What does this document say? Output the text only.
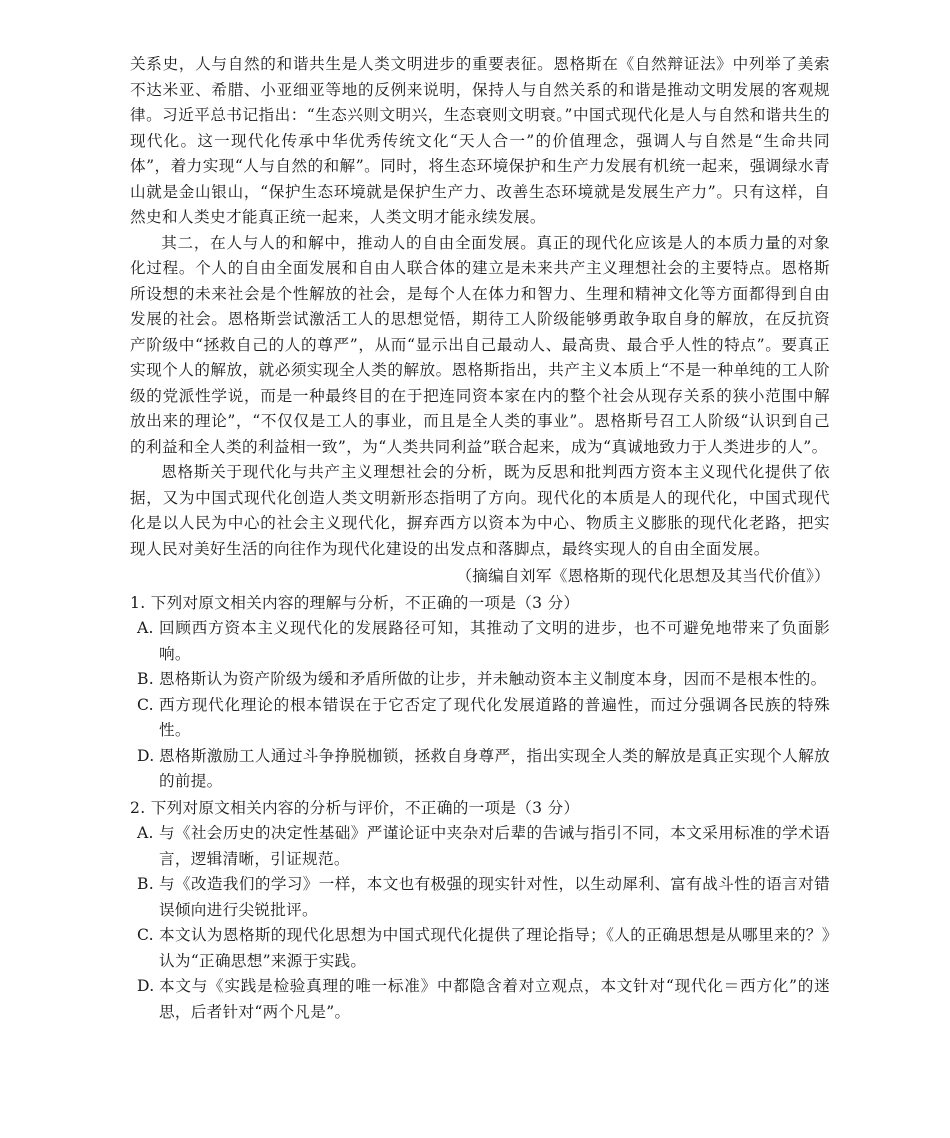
关系史，人与自然的和谐共生是人类文明进步的重要表征。恩格斯在《自然辩证法》中列举了美索不达米亚、希腊、小亚细亚等地的反例来说明，保持人与自然关系的和谐是推动文明发展的客观规律。习近平总书记指出：“生态兴则文明兴，生态衰则文明衰。”中国式现代化是人与自然和谐共生的现代化。这一现代化传承中华优秀传统文化“天人合一”的价值理念，强调人与自然是“生命共同体”，着力实现“人与自然的和解”。同时，将生态环境保护和生产力发展有机统一起来，强调绿水青山就是金山银山，“保护生态环境就是保护生产力、改善生态环境就是发展生产力”。只有这样，自然史和人类史才能真正统一起来，人类文明才能永续发展。

其二，在人与人的和解中，推动人的自由全面发展。真正的现代化应该是人的本质力量的对象化过程。个人的自由全面发展和自由人联合体的建立是未来共产主义理想社会的主要特点。恩格斯所设想的未来社会是个性解放的社会，是每个人在体力和智力、生理和精神文化等方面都得到自由发展的社会。恩格斯尝试激活工人的思想觉悟，期待工人阶级能够勇敢争取自身的解放，在反抗资产阶级中“拯救自己的人的尊严”，从而“显示出自己最动人、最高贵、最合乎人性的特点”。要真正实现个人的解放，就必须实现全人类的解放。恩格斯指出，共产主义本质上“不是一种单纯的工人阶级的党派性学说，而是一种最终目的在于把连同资本家在内的整个社会从现存关系的狭小范围中解放出来的理论”，“不仅仅是工人的事业，而且是全人类的事业”。恩格斯号召工人阶级“认识到自己的利益和全人类的利益相一致”，为“人类共同利益”联合起来，成为“真诚地致力于人类进步的人”。

恩格斯关于现代化与共产主义理想社会的分析，既为反思和批判西方资本主义现代化提供了依据，又为中国式现代化创造人类文明新形态指明了方向。现代化的本质是人的现代化，中国式现代化是以人民为中心的社会主义现代化，摒弃西方以资本为中心、物质主义膨胀的现代化老路，把实现人民对美好生活的向往作为现代化建设的出发点和落脚点，最终实现人的自由全面发展。

（摘编自刘军《恩格斯的现代化思想及其当代价值》）

1. 下列对原文相关内容的理解与分析，不正确的一项是（3 分）

A. 回顾西方资本主义现代化的发展路径可知，其推动了文明的进步，也不可避免地带来了负面影响。
B. 恩格斯认为资产阶级为缓和矛盾所做的让步，并未触动资本主义制度本身，因而不是根本性的。
C. 西方现代化理论的根本错误在于它否定了现代化发展道路的普遍性，而过分强调各民族的特殊性。
D. 恩格斯激励工人通过斗争挣脱枷锁，拯救自身尊严，指出实现全人类的解放是真正实现个人解放的前提。

2. 下列对原文相关内容的分析与评价，不正确的一项是（3 分）

A. 与《社会历史的决定性基础》严谨论证中夹杂对后辈的告诫与指引不同，本文采用标准的学术语言，逻辑清晰，引证规范。
B. 与《改造我们的学习》一样，本文也有极强的现实针对性，以生动犀利、富有战斗性的语言对错误倾向进行尖锐批评。
C. 本文认为恩格斯的现代化思想为中国式现代化提供了理论指导；《人的正确思想是从哪里来的？》认为“正确思想”来源于实践。
D. 本文与《实践是检验真理的唯一标准》中都隐含着对立观点，本文针对“现代化＝西方化”的迷思，后者针对“两个凡是”。
